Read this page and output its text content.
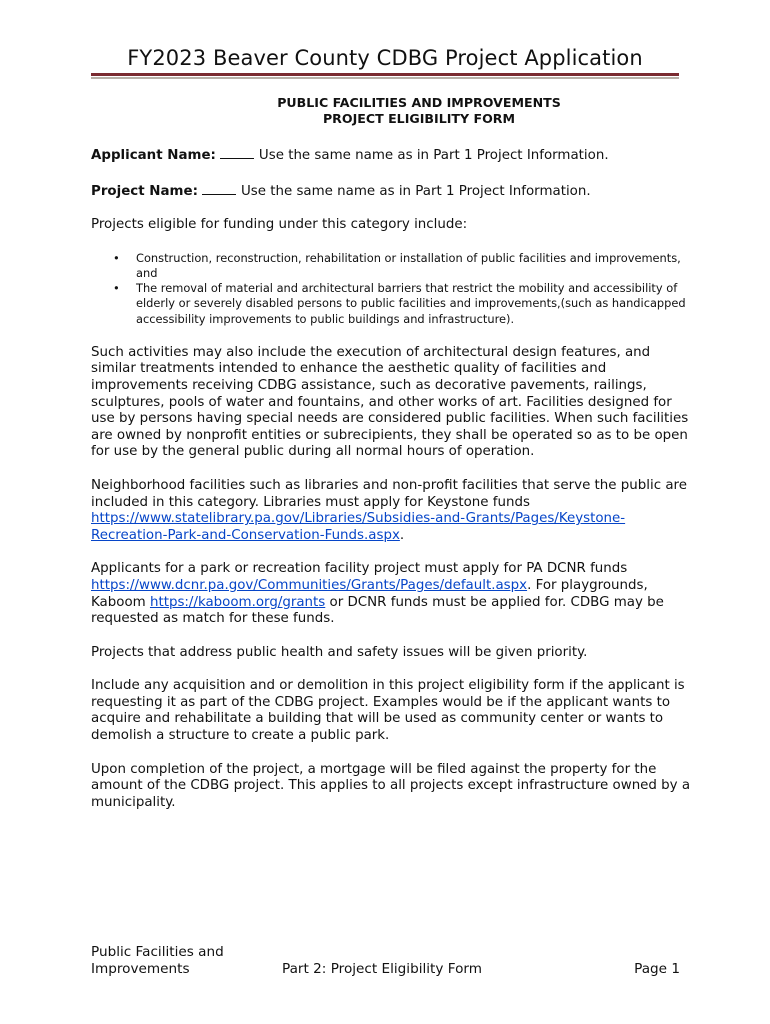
FY2023 Beaver County CDBG Project Application
PUBLIC FACILITIES AND IMPROVEMENTS
PROJECT ELIGIBILITY FORM

Applicant Name:	Use the same name as in Part 1 Project Information.

Project Name:	Use the same name as in Part 1 Project Information.

Projects eligible for funding under this category include:

• Construction, reconstruction, rehabilitation or installation of public facilities and improvements, and
• The removal of material and architectural barriers that restrict the mobility and accessibility of elderly or severely disabled persons to public facilities and improvements,(such as handicapped accessibility improvements to public buildings and infrastructure).

Such activities may also include the execution of architectural design features, and similar treatments intended to enhance the aesthetic quality of facilities and improvements receiving CDBG assistance, such as decorative pavements, railings, sculptures, pools of water and fountains, and other works of art. Facilities designed for use by persons having special needs are considered public facilities. When such facilities are owned by nonprofit entities or subrecipients, they shall be operated so as to be open for use by the general public during all normal hours of operation.

Neighborhood facilities such as libraries and non-profit facilities that serve the public are included in this category. Libraries must apply for Keystone funds https://www.statelibrary.pa.gov/Libraries/Subsidies-and-Grants/Pages/Keystone-Recreation-Park-and-Conservation-Funds.aspx.

Applicants for a park or recreation facility project must apply for PA DCNR funds https://www.dcnr.pa.gov/Communities/Grants/Pages/default.aspx. For playgrounds, Kaboom https://kaboom.org/grants or DCNR funds must be applied for. CDBG may be requested as match for these funds.

Projects that address public health and safety issues will be given priority.

Include any acquisition and or demolition in this project eligibility form if the applicant is requesting it as part of the CDBG project. Examples would be if the applicant wants to acquire and rehabilitate a building that will be used as community center or wants to demolish a structure to create a public park.

Upon completion of the project, a mortgage will be filed against the property for the amount of the CDBG project. This applies to all projects except infrastructure owned by a municipality.

Public Facilities and
Improvements	Part 2: Project Eligibility Form	Page 1
